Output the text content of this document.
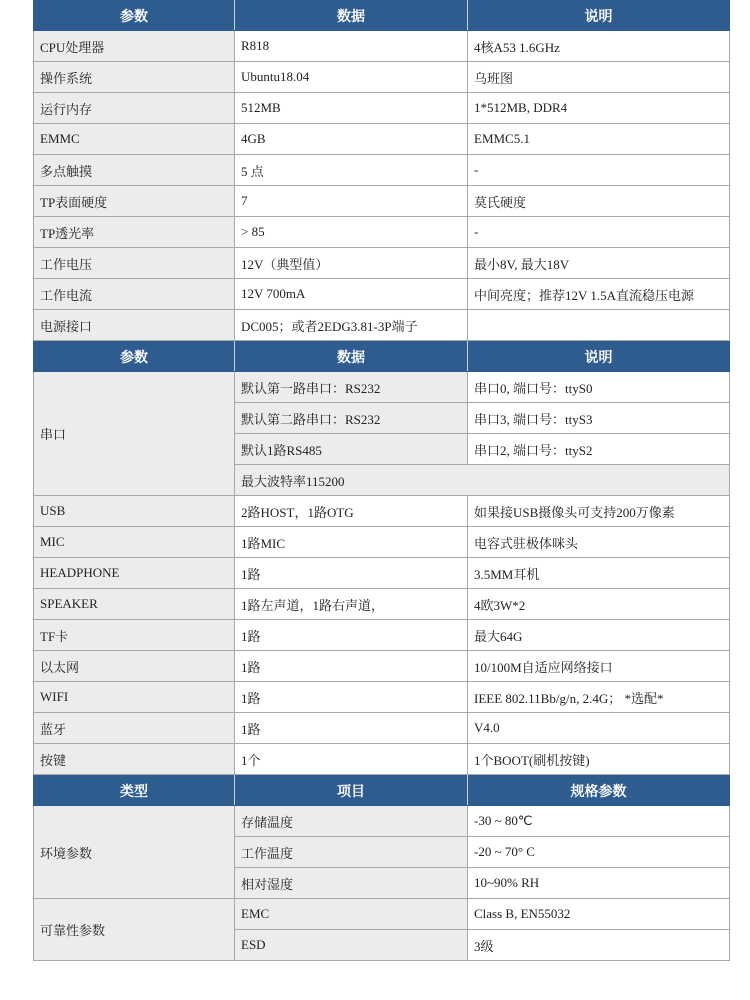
参数	数据	说明
CPU处理器	R818	4核A53 1.6GHz
操作系统	Ubuntu18.04	乌班图
运行内存	512MB	1*512MB, DDR4
EMMC	4GB	EMMC5.1
多点触摸	5 点	-
TP表面硬度	7	莫氏硬度
TP透光率	> 85	-
工作电压	12V（典型值）	最小8V, 最大18V
工作电流	12V 700mA	中间亮度；推荐12V 1.5A直流稳压电源
电源接口	DC005；或者2EDG3.81-3P端子	
参数	数据	说明
串口	默认第一路串口：RS232	串口0, 端口号：ttyS0
	默认第二路串口：RS232	串口3, 端口号：ttyS3
	默认1路RS485	串口2, 端口号：ttyS2
	最大波特率115200	
USB	2路HOST，1路OTG	如果接USB摄像头可支持200万像素
MIC	1路MIC	电容式驻极体咪头
HEADPHONE	1路	3.5MM耳机
SPEAKER	1路左声道，1路右声道，	4欧3W*2
TF卡	1路	最大64G
以太网	1路	10/100M自适应网络接口
WIFI	1路	IEEE 802.11Bb/g/n, 2.4G； *选配*
蓝牙	1路	V4.0
按键	1个	1个BOOT(刷机按键)
类型	项目	规格参数
环境参数	存储温度	-30 ~ 80℃
	工作温度	-20 ~ 70° C
	相对湿度	10~90% RH
可靠性参数	EMC	Class B, EN55032
	ESD	3级
